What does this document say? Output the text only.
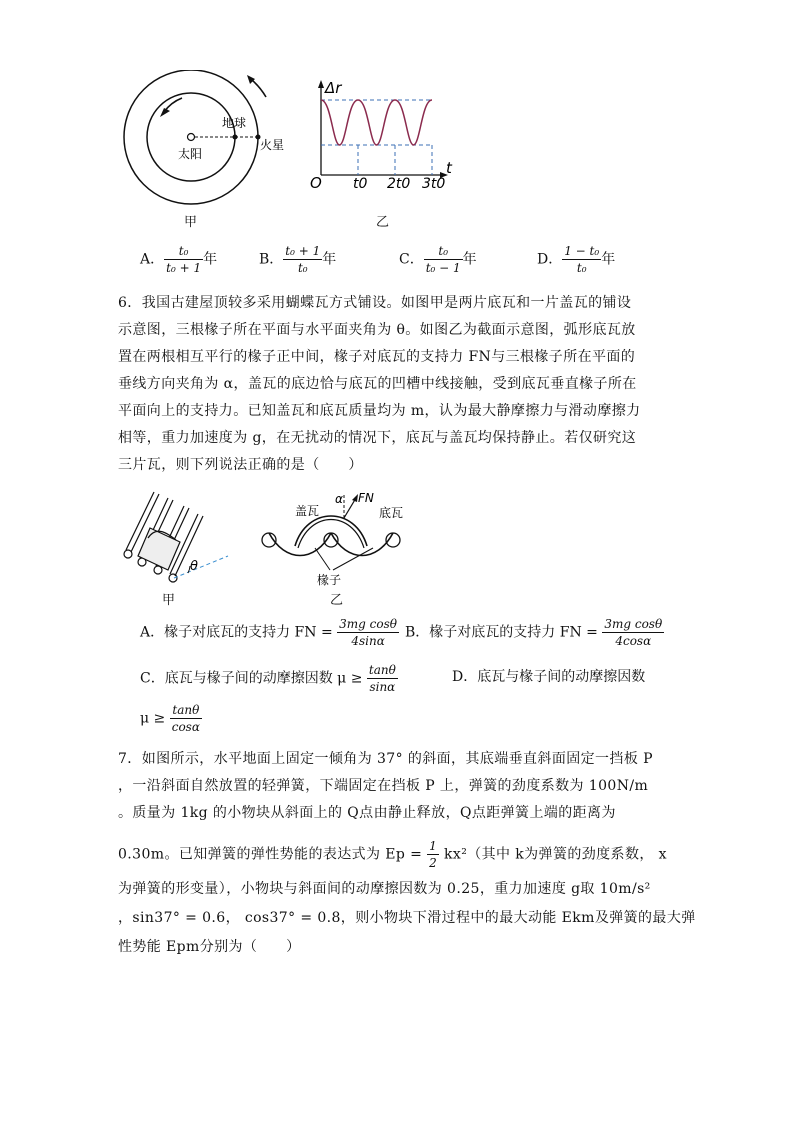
地球
太阳
火星
甲
Δr
t
O t0 2t0 3t0
乙
A． $\frac{\text{t₀}}{\text{t₀ + 1}}$ 年	B． $\frac{\text{t₀ + 1}}{\text{t₀}}$ 年	C． $\frac{\text{t₀}}{\text{t₀ − 1}}$ 年	D． $\frac{\text{1 − t₀}}{\text{t₀}}$ 年
6．我国古建屋顶较多采用蝴蝶瓦方式铺设。如图甲是两片底瓦和一片盖瓦的铺设
示意图，三根椽子所在平面与水平面夹角为 θ。如图乙为截面示意图，弧形底瓦放
置在两根相互平行的椽子正中间，椽子对底瓦的支持力 FN与三根椽子所在平面的
垂线方向夹角为 α，盖瓦的底边恰与底瓦的凹槽中线接触，受到底瓦垂直椽子所在
平面向上的支持力。已知盖瓦和底瓦质量均为 m，认为最大静摩擦力与滑动摩擦力
相等，重力加速度为 g，在无扰动的情况下，底瓦与盖瓦均保持静止。若仅研究这
三片瓦，则下列说法正确的是（　　）
θ
甲
α FN
盖瓦	底瓦
椽子
乙
A．椽子对底瓦的支持力 FN = $\frac{\text{3mg cosθ}}{4\sin\alpha}$ B．椽子对底瓦的支持力 FN = $\frac{\text{3mg cosθ}}{4\cos\alpha}$
C．底瓦与椽子间的动摩擦因数 $\mu \ge \frac{\tan\theta}{\sin\alpha}$	D．底瓦与椽子间的动摩擦因数
$\mu \ge \frac{\tan\theta}{\cos\alpha}$
7．如图所示，水平地面上固定一倾角为 37° 的斜面，其底端垂直斜面固定一挡板 P
，一沿斜面自然放置的轻弹簧，下端固定在挡板 P 上，弹簧的劲度系数为 100N/m
。质量为 1kg 的小物块从斜面上的 Q点由静止释放，Q点距弹簧上端的距离为
0.30m。已知弹簧的弹性势能的表达式为 $Ep = \frac{1}{2} kx^2$（其中 k为弹簧的劲度系数， x
为弹簧的形变量），小物块与斜面间的动摩擦因数为 0.25，重力加速度 g取 10m/s²
，sin37° = 0.6， cos37° = 0.8，则小物块下滑过程中的最大动能 Ekm及弹簧的最大弹
性势能 Epm分别为（　　）
